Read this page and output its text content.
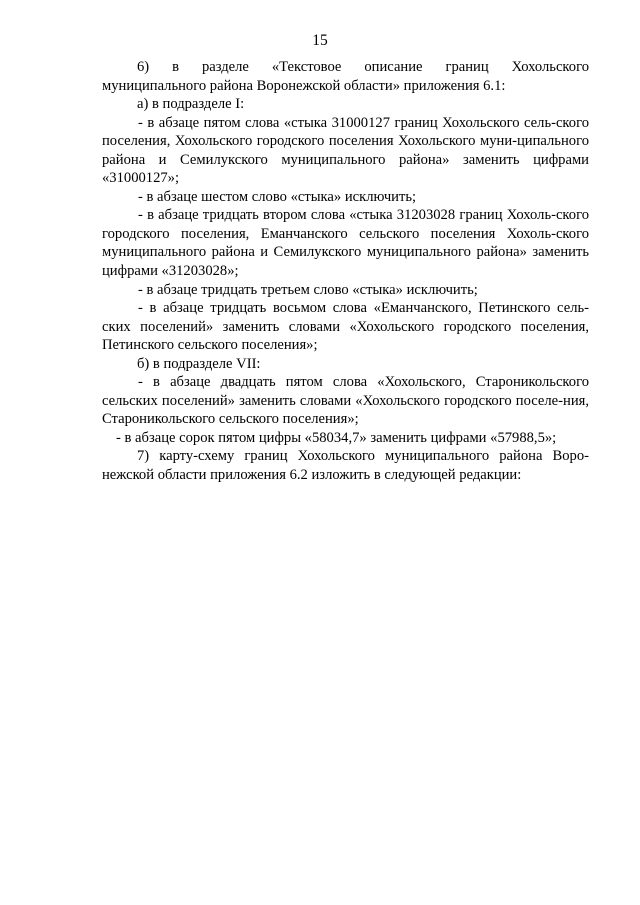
15

6)   в   разделе   «Текстовое   описание   границ   Хохольского

муниципального района Воронежской области» приложения 6.1:

а) в подразделе I:

- в абзаце пятом слова «стыка 31000127 границ Хохольского сель-ского поселения, Хохольского городского поселения Хохольского муни-ципального района и Семилукского муниципального района» заменить цифрами «31000127»;

- в абзаце шестом слово «стыка» исключить;

- в абзаце тридцать втором слова «стыка 31203028 границ Хохоль-ского городского поселения, Еманчанского сельского поселения Хохоль-ского муниципального района и Семилукского муниципального района» заменить цифрами «31203028»;

- в абзаце тридцать третьем слово «стыка» исключить;

- в абзаце тридцать восьмом слова «Еманчанского, Петинского сель-ских поселений» заменить словами «Хохольского городского поселения, Петинского сельского поселения»;

б) в подразделе VII:

- в абзаце двадцать пятом слова «Хохольского, Староникольского сельских поселений» заменить словами «Хохольского городского поселе-ния, Староникольского сельского поселения»;

- в абзаце сорок пятом цифры «58034,7» заменить цифрами «57988,5»;

7) карту-схему границ Хохольского муниципального района Воро-нежской области приложения 6.2 изложить в следующей редакции:
